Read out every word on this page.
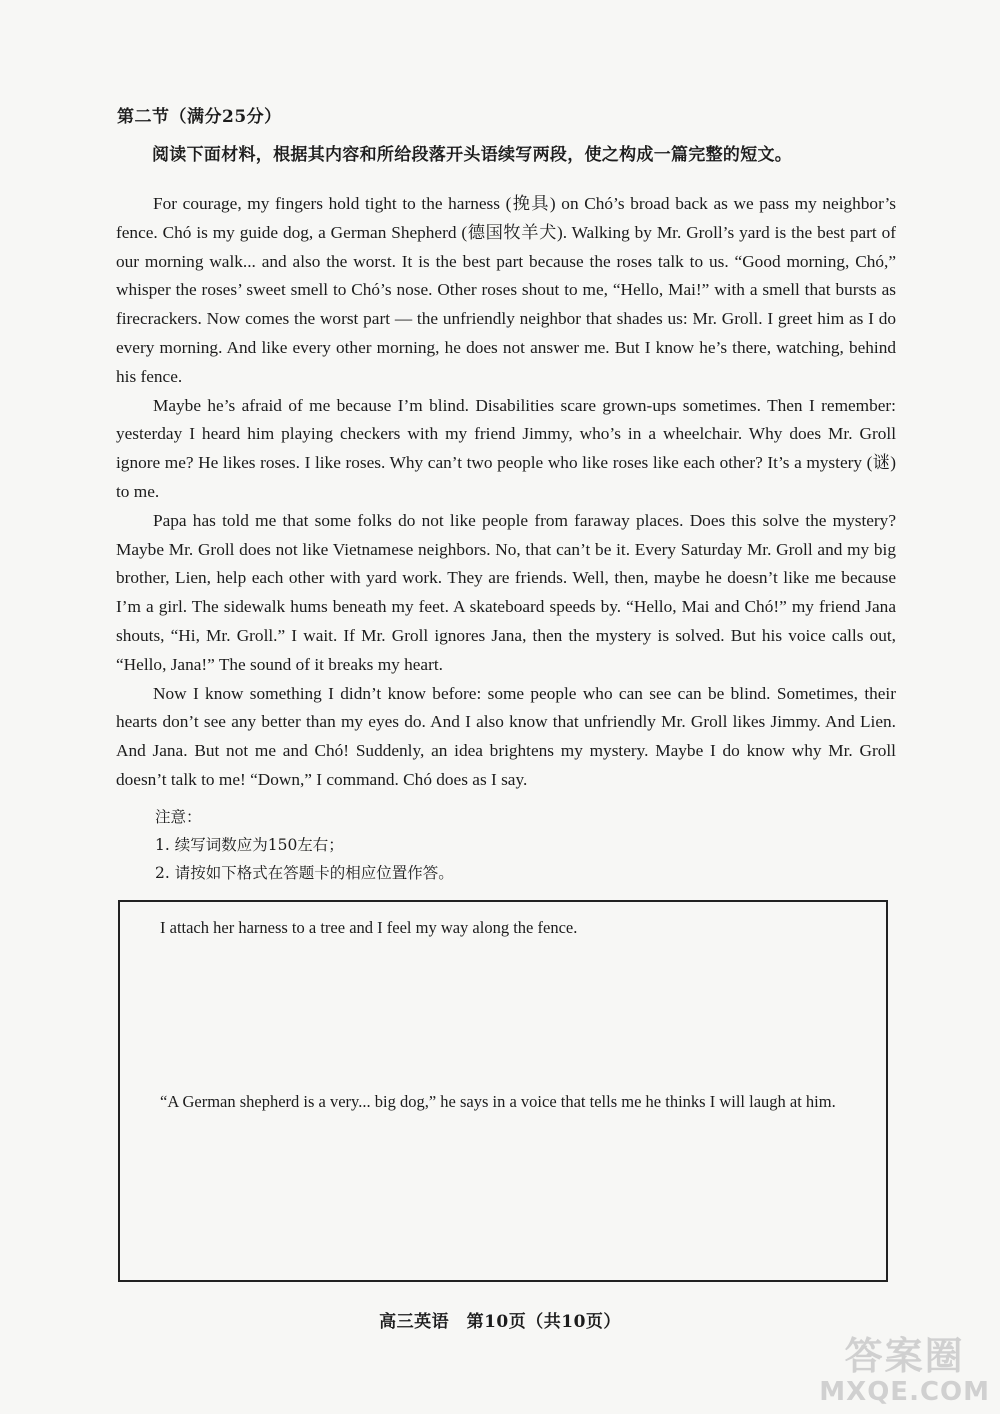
第二节（满分25分）
阅读下面材料，根据其内容和所给段落开头语续写两段，使之构成一篇完整的短文。

For courage, my fingers hold tight to the harness (挽具) on Chó’s broad back as we pass my neighbor’s fence. Chó is my guide dog, a German Shepherd (德国牧羊犬). Walking by Mr. Groll’s yard is the best part of our morning walk... and also the worst. It is the best part because the roses talk to us. “Good morning, Chó,” whisper the roses’ sweet smell to Chó’s nose. Other roses shout to me, “Hello, Mai!” with a smell that bursts as firecrackers. Now comes the worst part — the unfriendly neighbor that shades us: Mr. Groll. I greet him as I do every morning. And like every other morning, he does not answer me. But I know he’s there, watching, behind his fence.

Maybe he’s afraid of me because I’m blind. Disabilities scare grown-ups sometimes. Then I remember: yesterday I heard him playing checkers with my friend Jimmy, who’s in a wheelchair. Why does Mr. Groll ignore me? He likes roses. I like roses. Why can’t two people who like roses like each other? It’s a mystery (谜) to me.

Papa has told me that some folks do not like people from faraway places. Does this solve the mystery? Maybe Mr. Groll does not like Vietnamese neighbors. No, that can’t be it. Every Saturday Mr. Groll and my big brother, Lien, help each other with yard work. They are friends. Well, then, maybe he doesn’t like me because I’m a girl. The sidewalk hums beneath my feet. A skateboard speeds by. “Hello, Mai and Chó!” my friend Jana shouts, “Hi, Mr. Groll.” I wait. If Mr. Groll ignores Jana, then the mystery is solved. But his voice calls out, “Hello, Jana!” The sound of it breaks my heart.

Now I know something I didn’t know before: some people who can see can be blind. Sometimes, their hearts don’t see any better than my eyes do. And I also know that unfriendly Mr. Groll likes Jimmy. And Lien. And Jana. But not me and Chó! Suddenly, an idea brightens my mystery. Maybe I do know why Mr. Groll doesn’t talk to me! “Down,” I command. Chó does as I say.

注意：
1. 续写词数应为150左右；
2. 请按如下格式在答题卡的相应位置作答。
I attach her harness to a tree and I feel my way along the fence.
“A German shepherd is a very... big dog,” he says in a voice that tells me he thinks I will laugh at him.
高三英语　第10页（共10页）
答案圈
MXQE.COM
